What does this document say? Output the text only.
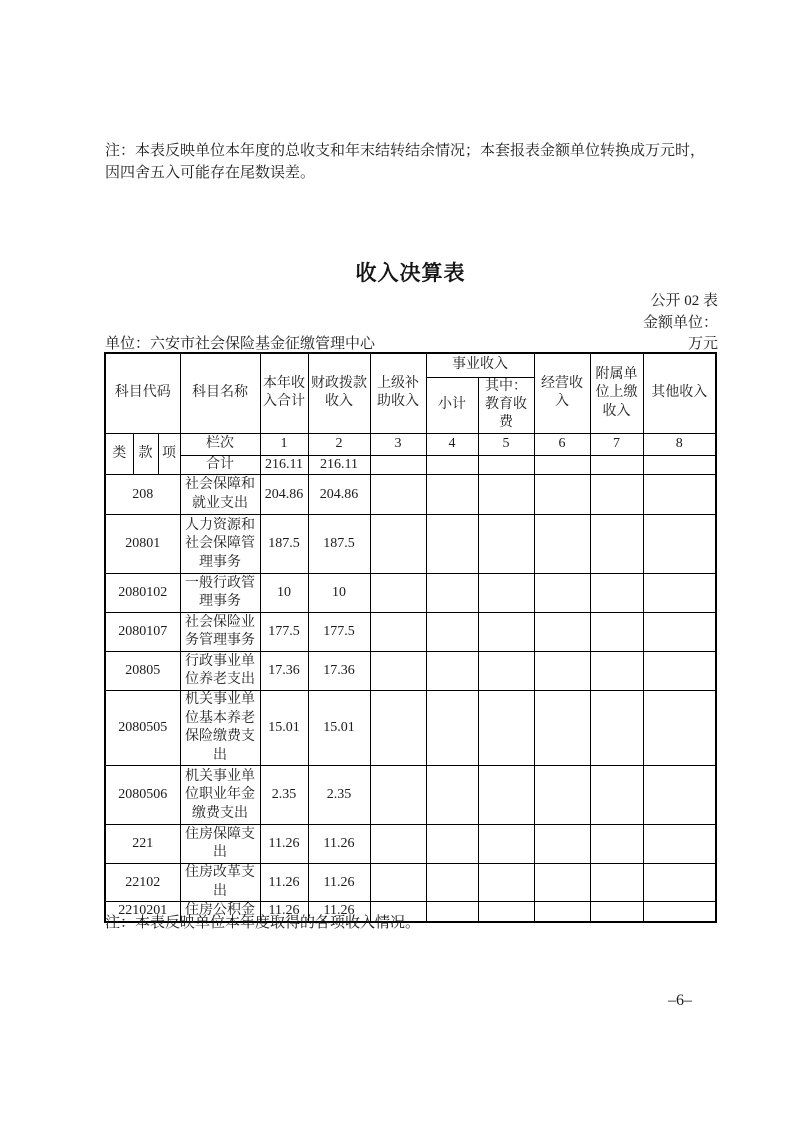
注：本表反映单位本年度的总收支和年末结转结余情况；本套报表金额单位转换成万元时，因四舍五入可能存在尾数误差。
收入决算表
公开 02 表
金额单位：
单位：六安市社会保险基金征缴管理中心	万元
科目代码			科目名称	本年收入合计	财政拨款收入	上级补助收入	事业收入		经营收入	附属单位上缴收入	其他收入
							小计	其中：教育收费			
类	款	项	栏次	1	2	3	4	5	6	7	8
			合计	216.11	216.11						
208			社会保障和就业支出	204.86	204.86						
20801			人力资源和社会保障管理事务	187.5	187.5						
2080102			一般行政管理事务	10	10						
2080107			社会保险业务管理事务	177.5	177.5						
20805			行政事业单位养老支出	17.36	17.36						
2080505			机关事业单位基本养老保险缴费支出	15.01	15.01						
2080506			机关事业单位职业年金缴费支出	2.35	2.35						
221			住房保障支出	11.26	11.26						
22102			住房改革支出	11.26	11.26						
2210201			住房公积金	11.26	11.26						
注：本表反映单位本年度取得的各项收入情况。
–6–
